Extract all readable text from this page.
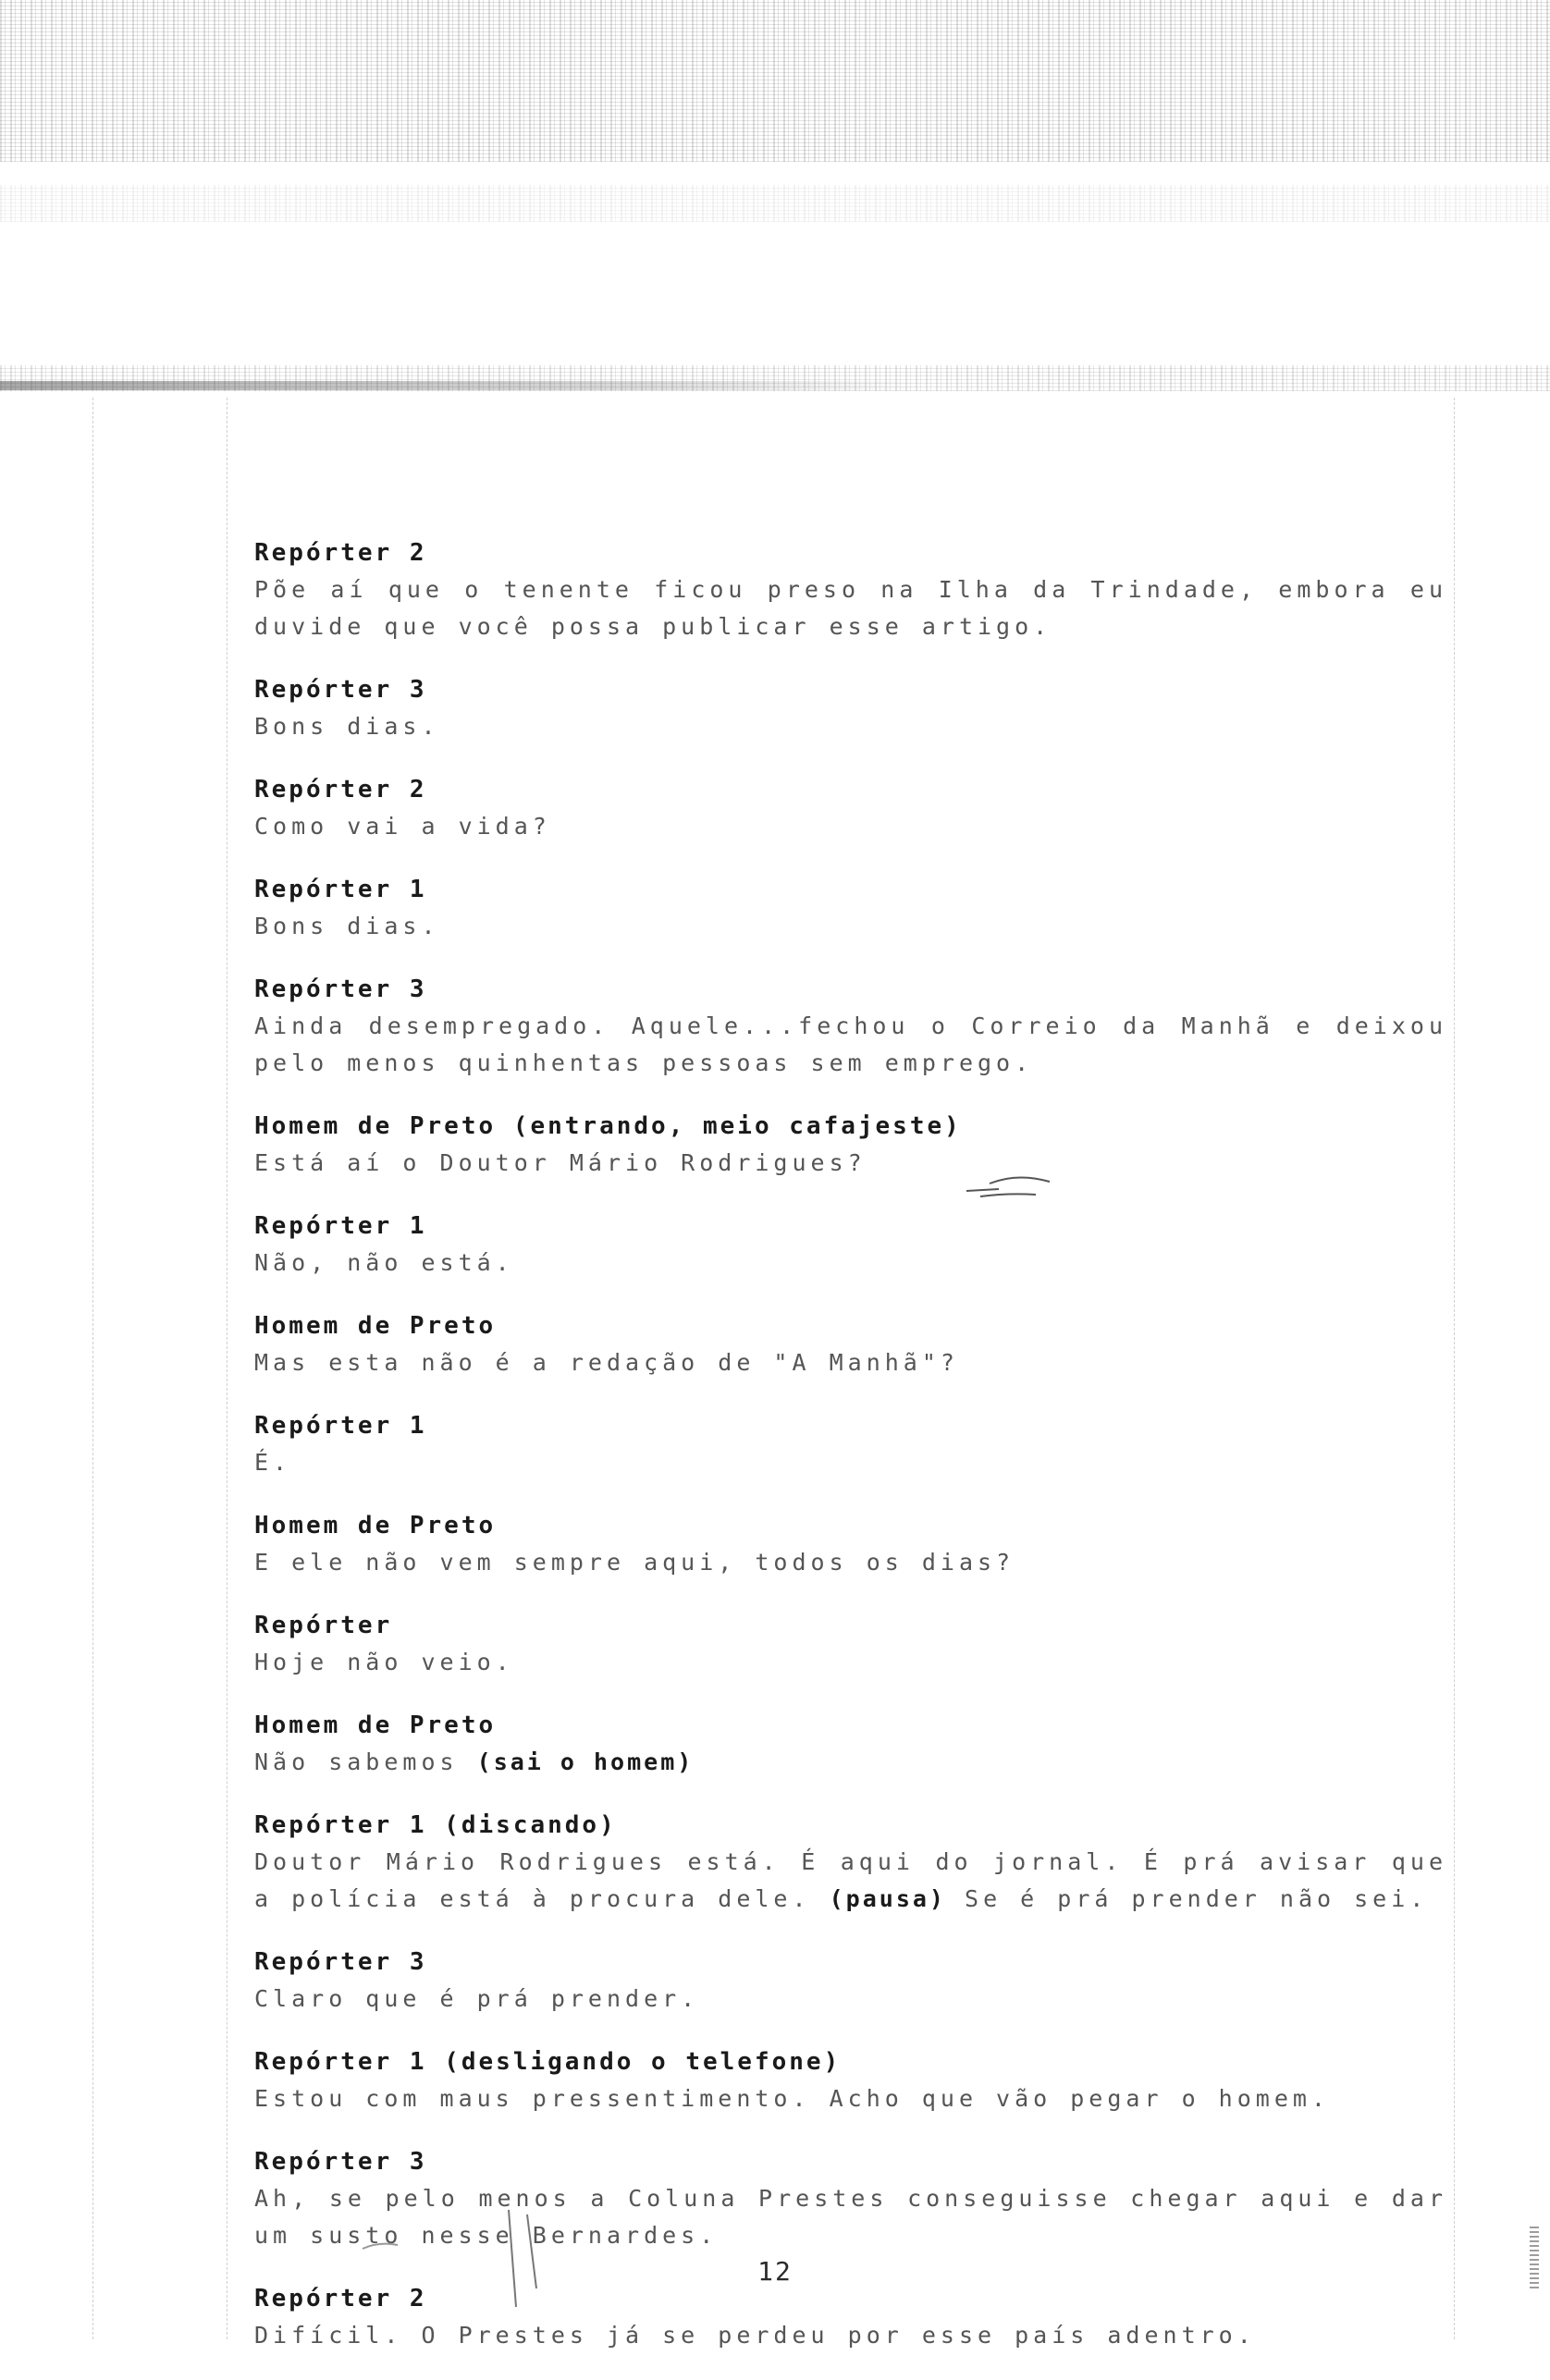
Repórter 2
Põe aí que o tenente ficou preso na Ilha da Trindade, embora eu duvide que você possa publicar esse artigo.
Repórter 3
Bons dias.
Repórter 2
Como vai a vida?
Repórter 1
Bons dias.
Repórter 3
Ainda desempregado. Aquele...fechou o Correio da Manhã e deixou pelo menos quinhentas pessoas sem emprego.
Homem de Preto (entrando, meio cafajeste)
Está aí o Doutor Mário Rodrigues?
Repórter 1
Não, não está.
Homem de Preto
Mas esta não é a redação de "A Manhã"?
Repórter 1
É.
Homem de Preto
E ele não vem sempre aqui, todos os dias?
Repórter
Hoje não veio.
Homem de Preto
Não sabemos (sai o homem)
Repórter 1 (discando)
Doutor Mário Rodrigues está. É aqui do jornal. É prá avisar que a polícia está à procura dele. (pausa) Se é prá prender não sei.
Repórter 3
Claro que é prá prender.
Repórter 1 (desligando o telefone)
Estou com maus pressentimento. Acho que vão pegar o homem.
Repórter 3
Ah, se pelo menos a Coluna Prestes conseguisse chegar aqui e dar um susto nesse Bernardes.
Repórter 2
Difícil. O Prestes já se perdeu por esse país adentro.
12
